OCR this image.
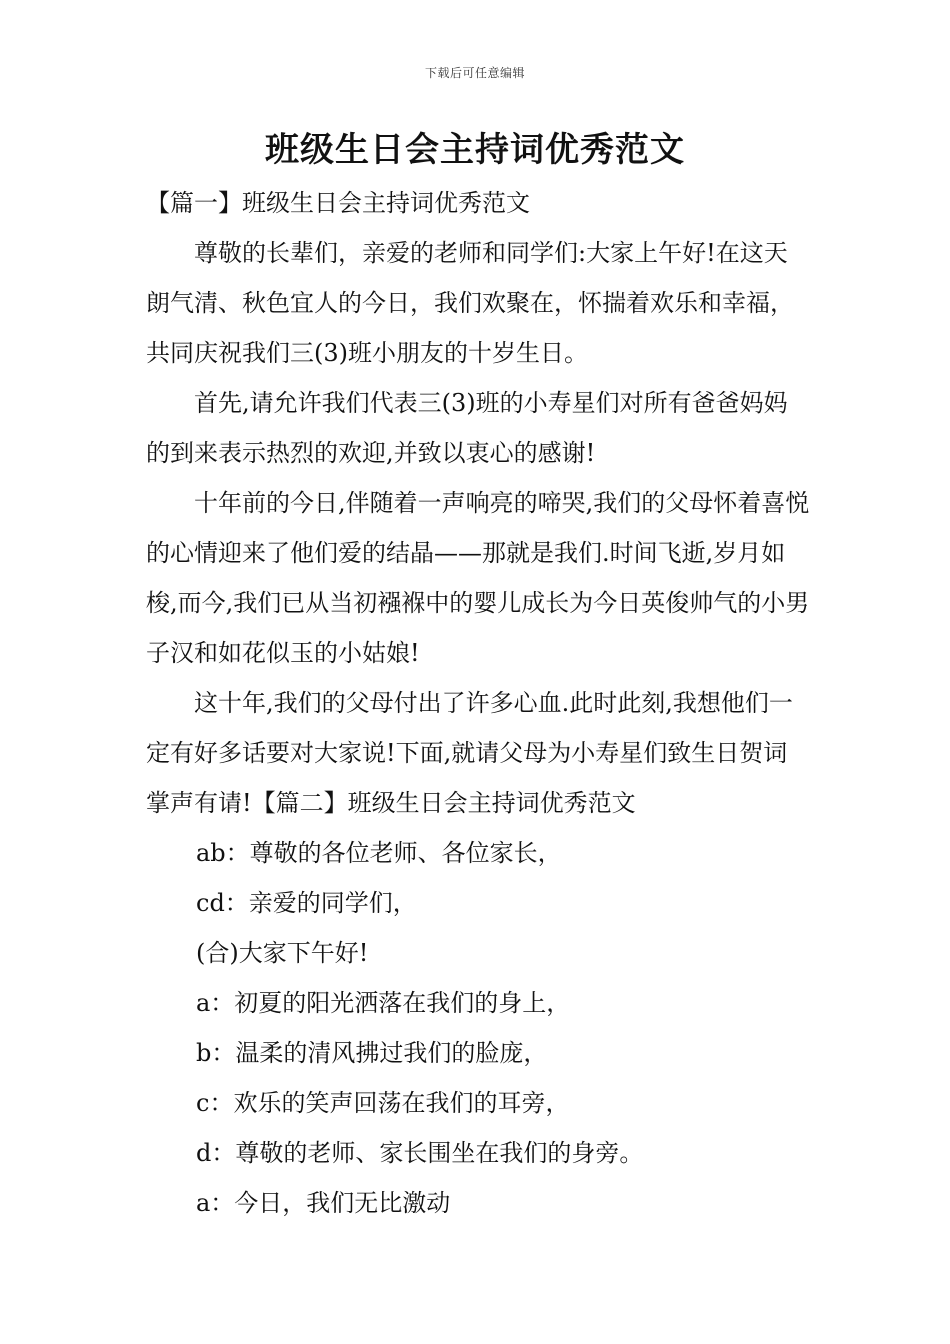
下载后可任意编辑
班级生日会主持词优秀范文

【篇一】班级生日会主持词优秀范文

尊敬的长辈们，亲爱的老师和同学们:大家上午好!在这天朗气清、秋色宜人的今日，我们欢聚在，怀揣着欢乐和幸福，共同庆祝我们三(3)班小朋友的十岁生日。

首先,请允许我们代表三(3)班的小寿星们对所有爸爸妈妈的到来表示热烈的欢迎,并致以衷心的感谢!

十年前的今日,伴随着一声响亮的啼哭,我们的父母怀着喜悦的心情迎来了他们爱的结晶——那就是我们.时间飞逝,岁月如梭,而今,我们已从当初襁褓中的婴儿成长为今日英俊帅气的小男子汉和如花似玉的小姑娘!

这十年,我们的父母付出了许多心血.此时此刻,我想他们一定有好多话要对大家说!下面,就请父母为小寿星们致生日贺词掌声有请!【篇二】班级生日会主持词优秀范文

ab：尊敬的各位老师、各位家长，

cd：亲爱的同学们，

(合)大家下午好!

a：初夏的阳光洒落在我们的身上，

b：温柔的清风拂过我们的脸庞，

c：欢乐的笑声回荡在我们的耳旁，

d：尊敬的老师、家长围坐在我们的身旁。

a：今日，我们无比激动
